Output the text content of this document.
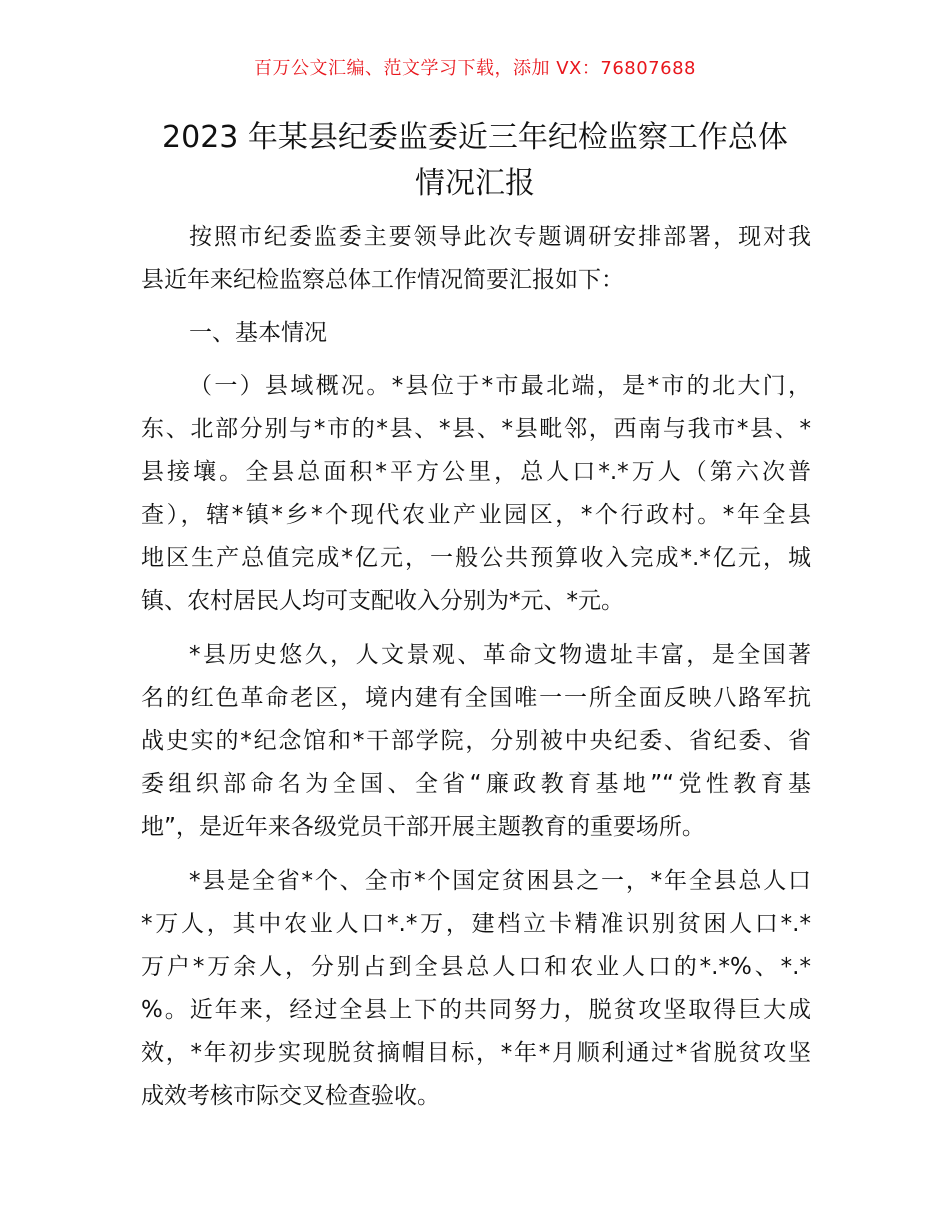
百万公文汇编、范文学习下载，添加 VX：76807688
2023 年某县纪委监委近三年纪检监察工作总体
情况汇报
按照市纪委监委主要领导此次专题调研安排部署，现对我
县近年来纪检监察总体工作情况简要汇报如下：
一、基本情况
（一）县域概况。*县位于*市最北端，是*市的北大门，
东、北部分别与*市的*县、*县、*县毗邻，西南与我市*县、*
县接壤。全县总面积*平方公里，总人口*.*万人（第六次普
查），辖*镇*乡*个现代农业产业园区，*个行政村。*年全县
地区生产总值完成*亿元，一般公共预算收入完成*.*亿元，城
镇、农村居民人均可支配收入分别为*元、*元。
*县历史悠久，人文景观、革命文物遗址丰富，是全国著
名的红色革命老区，境内建有全国唯一一所全面反映八路军抗
战史实的*纪念馆和*干部学院，分别被中央纪委、省纪委、省
委组织部命名为全国、全省“廉政教育基地”“党性教育基
地”，是近年来各级党员干部开展主题教育的重要场所。
*县是全省*个、全市*个国定贫困县之一，*年全县总人口
*万人，其中农业人口*.*万，建档立卡精准识别贫困人口*.*
万户*万余人，分别占到全县总人口和农业人口的*.*%、*.*
%。近年来，经过全县上下的共同努力，脱贫攻坚取得巨大成
效，*年初步实现脱贫摘帽目标，*年*月顺利通过*省脱贫攻坚
成效考核市际交叉检查验收。
